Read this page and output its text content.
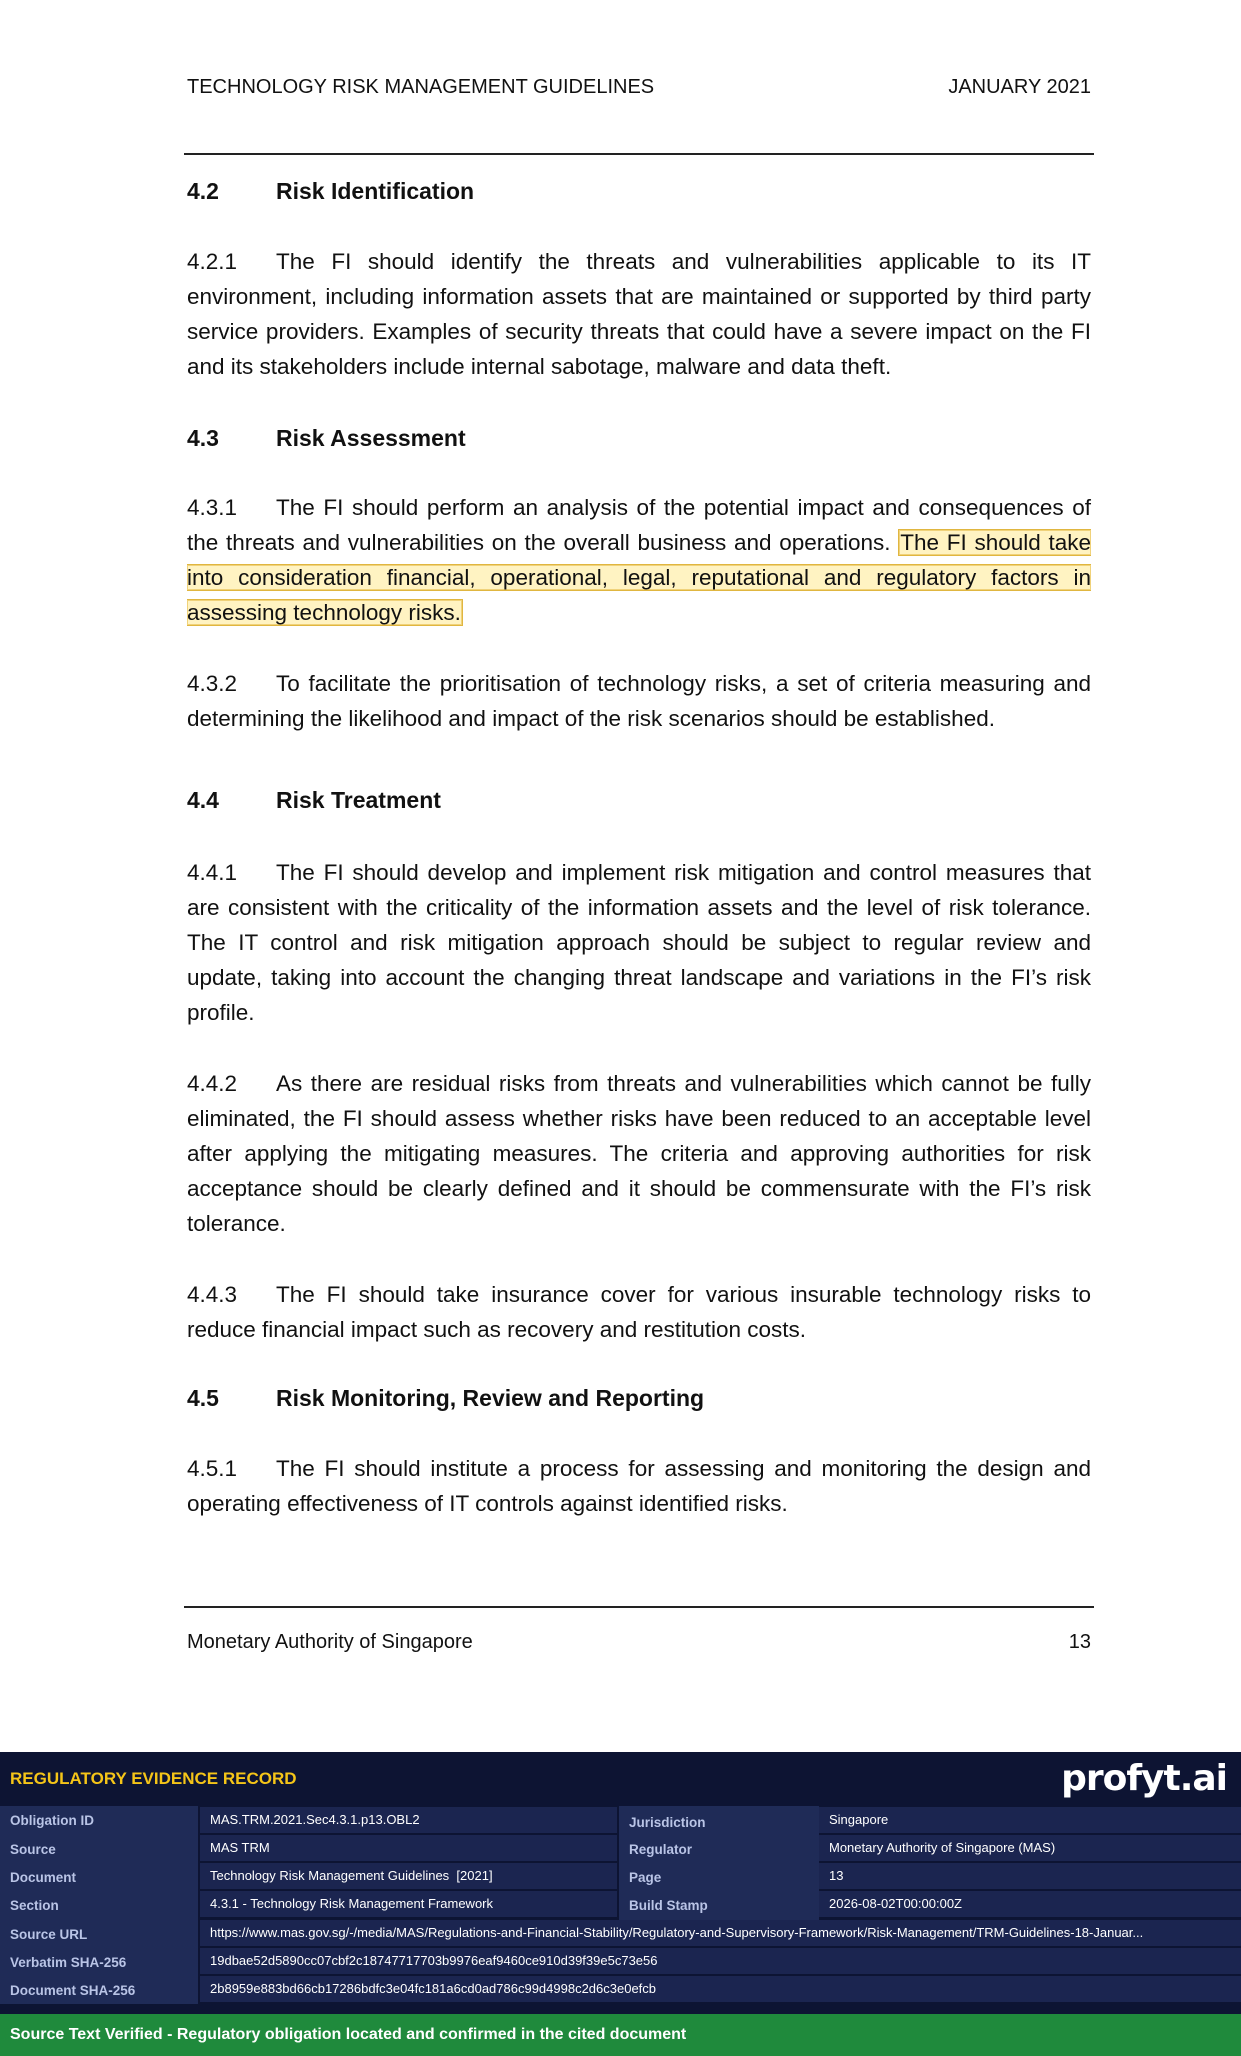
TECHNOLOGY RISK MANAGEMENT GUIDELINES	JANUARY 2021
4.2 Risk Identification
4.2.1 The FI should identify the threats and vulnerabilities applicable to its IT environment, including information assets that are maintained or supported by third party service providers. Examples of security threats that could have a severe impact on the FI and its stakeholders include internal sabotage, malware and data theft.
4.3 Risk Assessment
4.3.1 The FI should perform an analysis of the potential impact and consequences of the threats and vulnerabilities on the overall business and operations. The FI should take into consideration financial, operational, legal, reputational and regulatory factors in assessing technology risks.
4.3.2 To facilitate the prioritisation of technology risks, a set of criteria measuring and determining the likelihood and impact of the risk scenarios should be established.
4.4 Risk Treatment
4.4.1 The FI should develop and implement risk mitigation and control measures that are consistent with the criticality of the information assets and the level of risk tolerance. The IT control and risk mitigation approach should be subject to regular review and update, taking into account the changing threat landscape and variations in the FI’s risk profile.
4.4.2 As there are residual risks from threats and vulnerabilities which cannot be fully eliminated, the FI should assess whether risks have been reduced to an acceptable level after applying the mitigating measures. The criteria and approving authorities for risk acceptance should be clearly defined and it should be commensurate with the FI’s risk tolerance.
4.4.3 The FI should take insurance cover for various insurable technology risks to reduce financial impact such as recovery and restitution costs.
4.5 Risk Monitoring, Review and Reporting
4.5.1 The FI should institute a process for assessing and monitoring the design and operating effectiveness of IT controls against identified risks.
Monetary Authority of Singapore	13
REGULATORY EVIDENCE RECORD	profyt.ai
Obligation ID	MAS.TRM.2021.Sec4.3.1.p13.OBL2	Jurisdiction	Singapore
Source	MAS TRM	Regulator	Monetary Authority of Singapore (MAS)
Document	Technology Risk Management Guidelines  [2021]	Page	13
Section	4.3.1 - Technology Risk Management Framework	Build Stamp	2026-08-02T00:00:00Z
Source URL	https://www.mas.gov.sg/-/media/MAS/Regulations-and-Financial-Stability/Regulatory-and-Supervisory-Framework/Risk-Management/TRM-Guidelines-18-Januar...
Verbatim SHA-256	19dbae52d5890cc07cbf2c18747717703b9976eaf9460ce910d39f39e5c73e56
Document SHA-256	2b8959e883bd66cb17286bdfc3e04fc181a6cd0ad786c99d4998c2d6c3e0efcb
Source Text Verified - Regulatory obligation located and confirmed in the cited document
